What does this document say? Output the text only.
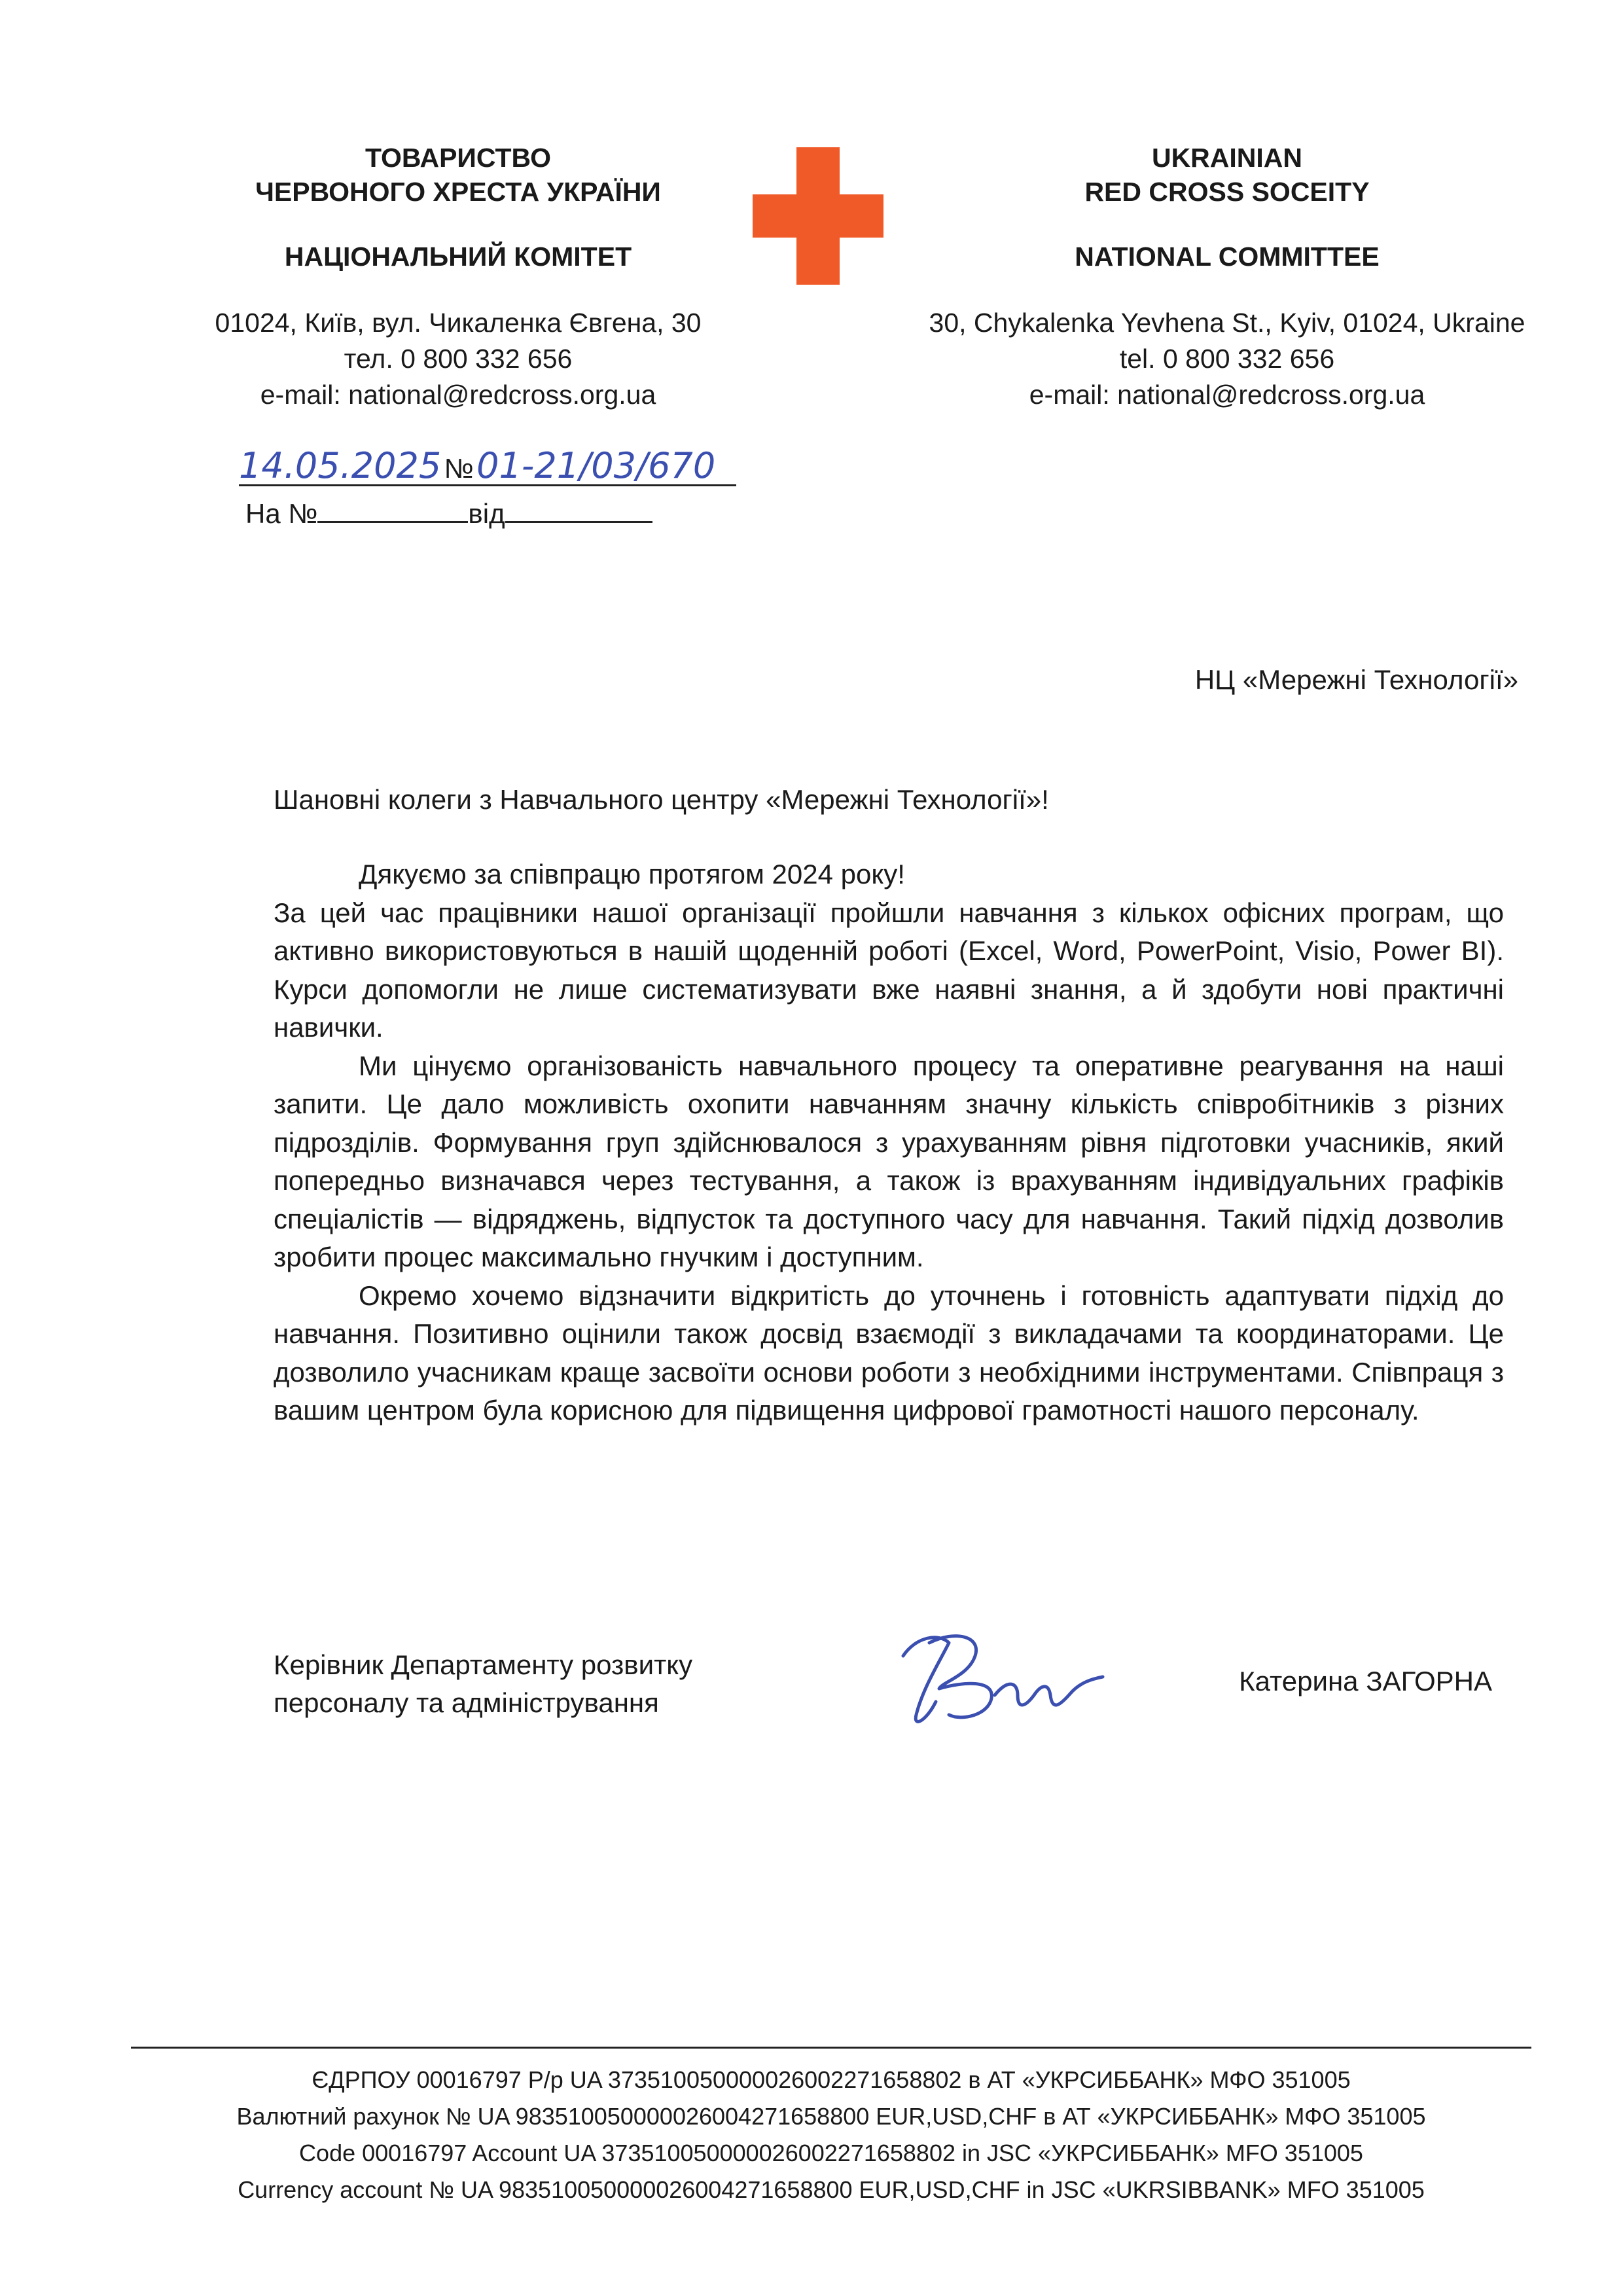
ТОВАРИСТВО
ЧЕРВОНОГО ХРЕСТА УКРАЇНИ
НАЦІОНАЛЬНИЙ КОМІТЕТ
01024, Київ, вул. Чикаленка Євгена, 30
тел. 0 800 332 656
e-mail: national@redcross.org.ua
UKRAINIAN
RED CROSS SOCEITY
NATIONAL COMMITTEE
30, Chykalenka Yevhena St., Kyiv, 01024, Ukraine
tel. 0 800 332 656
e-mail: national@redcross.org.ua
14.05.2025 № 01-21/03/670
На №	від
НЦ «Мережні Технології»
Шановні колеги з Навчального центру «Мережні Технології»!

Дякуємо за співпрацю протягом 2024 року!

За цей час працівники нашої організації пройшли навчання з кількох офісних програм, що активно використовуються в нашій щоденній роботі (Excel, Word, PowerPoint, Visio, Power BI). Курси допомогли не лише систематизувати вже наявні знання, а й здобути нові практичні навички.

Ми цінуємо організованість навчального процесу та оперативне реагування на наші запити. Це дало можливість охопити навчанням значну кількість співробітників з різних підрозділів. Формування груп здійснювалося з урахуванням рівня підготовки учасників, який попередньо визначався через тестування, а також із врахуванням індивідуальних графіків спеціалістів — відряджень, відпусток та доступного часу для навчання. Такий підхід дозволив зробити процес максимально гнучким і доступним.

Окремо хочемо відзначити відкритість до уточнень і готовність адаптувати підхід до навчання. Позитивно оцінили також досвід взаємодії з викладачами та координаторами. Це дозволило учасникам краще засвоїти основи роботи з необхідними інструментами. Співпраця з вашим центром була корисною для підвищення цифрової грамотності нашого персоналу.

Керівник Департаменту розвитку
персоналу та адміністрування
Катерина ЗАГОРНА
ЄДРПОУ 00016797 Р/р UA 373510050000026002271658802 в АТ «УКРСИББАНК» МФО 351005
Валютний рахунок № UA 983510050000026004271658800 EUR,USD,CHF в АТ «УКРСИББАНК» МФО 351005
Code 00016797 Account UA 373510050000026002271658802 in JSC «УКРСИББАНК» MFO 351005
Currency account № UA 983510050000026004271658800 EUR,USD,CHF in JSC «UKRSIBBANK» MFO 351005
